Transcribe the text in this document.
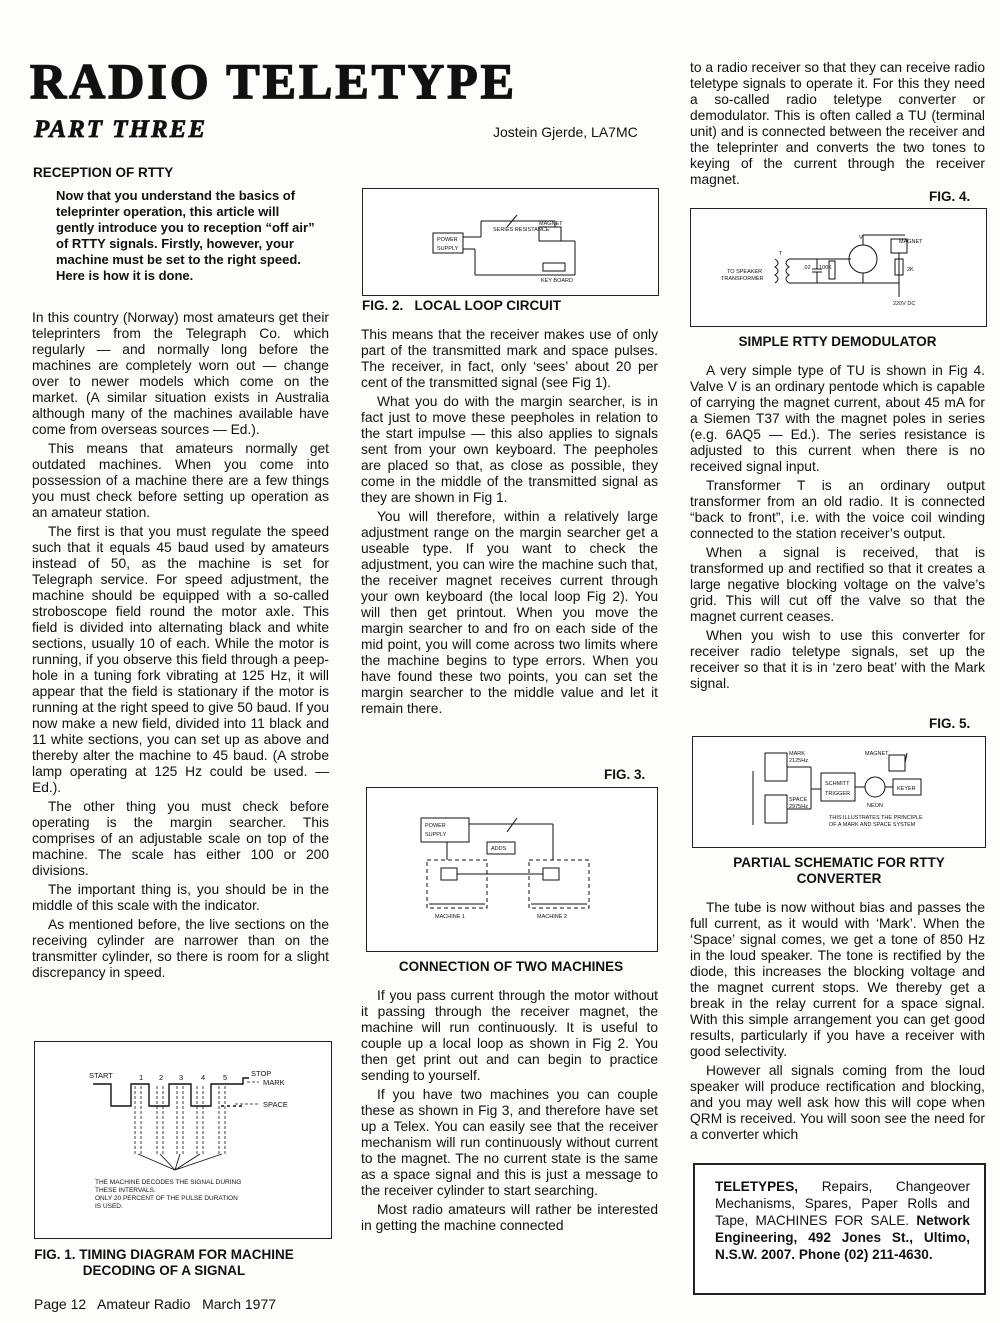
RADIO TELETYPE
PART THREE	Jostein Gjerde, LA7MC
RECEPTION OF RTTY

Now that you understand the basics of teleprinter operation, this article will gently introduce you to reception “off air” of RTTY signals. Firstly, however, your machine must be set to the right speed. Here is how it is done.

In this country (Norway) most amateurs get their teleprinters from the Telegraph Co. which regularly — and normally long before the machines are completely worn out — change over to newer models which come on the market. (A similar situation exists in Australia although many of the machines available have come from overseas sources — Ed.).

This means that amateurs normally get outdated machines. When you come into possession of a machine there are a few things you must check before setting up operation as an amateur station.

The first is that you must regulate the speed such that it equals 45 baud used by amateurs instead of 50, as the machine is set for Telegraph service. For speed adjustment, the machine should be equipped with a so-called stroboscope field round the motor axle. This field is divided into alternating black and white sections, usually 10 of each. While the motor is running, if you observe this field through a peep-hole in a tuning fork vibrating at 125 Hz, it will appear that the field is stationary if the motor is running at the right speed to give 50 baud. If you now make a new field, divided into 11 black and 11 white sections, you can set up as above and thereby alter the machine to 45 baud. (A strobe lamp operating at 125 Hz could be used. — Ed.).

The other thing you must check before operating is the margin searcher. This comprises of an adjustable scale on top of the machine. The scale has either 100 or 200 divisions.

The important thing is, you should be in the middle of this scale with the indicator.

As mentioned before, the live sections on the receiving cylinder are narrower than on the transmitter cylinder, so there is room for a slight discrepancy in speed.

START	STOP
MARK
SPACE
1 2 3 4 5
THE MACHINE DECODES THE SIGNAL DURING
THESE INTERVALS.
ONLY 20 PERCENT OF THE PULSE DURATION
IS USED.

FIG. 1. TIMING DIAGRAM FOR MACHINE DECODING OF A SIGNAL

SERIES RESISTANCE
MAGNET
POWER
SUPPLY
KEY BOARD

FIG. 2.   LOCAL LOOP CIRCUIT

This means that the receiver makes use of only part of the transmitted mark and space pulses. The receiver, in fact, only ‘sees’ about 20 per cent of the transmitted signal (see Fig 1).

What you do with the margin searcher, is in fact just to move these peepholes in relation to the start impulse — this also applies to signals sent from your own keyboard. The peepholes are placed so that, as close as possible, they come in the middle of the transmitted signal as they are shown in Fig 1.

You will therefore, within a relatively large adjustment range on the margin searcher get a useable type. If you want to check the adjustment, you can wire the machine such that, the receiver magnet receives current through your own keyboard (the local loop Fig 2). You will then get printout. When you move the margin searcher to and fro on each side of the mid point, you will come across two limits where the machine begins to type errors. When you have found these two points, you can set the margin searcher to the middle value and let it remain there.

FIG. 3.
POWER
SUPPLY
ADDS
MACHINE 1	MACHINE 2

CONNECTION OF TWO MACHINES

If you pass current through the motor without it passing through the receiver magnet, the machine will run continuously. It is useful to couple up a local loop as shown in Fig 2. You then get print out and can begin to practice sending to yourself.

If you have two machines you can couple these as shown in Fig 3, and therefore have set up a Telex. You can easily see that the receiver mechanism will run continuously without current to the magnet. The no current state is the same as a space signal and this is just a message to the receiver cylinder to start searching.

Most radio amateurs will rather be interested in getting the machine connected

to a radio receiver so that they can receive radio teletype signals to operate it. For this they need a so-called radio teletype converter or demodulator. This is often called a TU (terminal unit) and is connected between the receiver and the teleprinter and converts the two tones to keying of the current through the receiver magnet.

FIG. 4.
TO SPEAKER
TRANSFORMER
T
V
.02 100K	2K
MAGNET
220V DC

SIMPLE RTTY DEMODULATOR

A very simple type of TU is shown in Fig 4. Valve V is an ordinary pentode which is capable of carrying the magnet current, about 45 mA for a Siemen T37 with the magnet poles in series (e.g. 6AQ5 — Ed.). The series resistance is adjusted to this current when there is no received signal input.

Transformer T is an ordinary output transformer from an old radio. It is connected “back to front”, i.e. with the voice coil winding connected to the station receiver’s output.

When a signal is received, that is transformed up and rectified so that it creates a large negative blocking voltage on the valve’s grid. This will cut off the valve so that the magnet current ceases.

When you wish to use this converter for receiver radio teletype signals, set up the receiver so that it is in ‘zero beat’ with the Mark signal.

FIG. 5.
MARK
2125Hz
SPACE
2975Hz
SCHMITT
TRIGGER
NEON
KEYER
MAGNET
THIS ILLUSTRATES THE PRINCIPLE
OF A MARK AND SPACE SYSTEM

PARTIAL SCHEMATIC FOR RTTY CONVERTER

The tube is now without bias and passes the full current, as it would with ‘Mark’. When the ‘Space’ signal comes, we get a tone of 850 Hz in the loud speaker. The tone is rectified by the diode, this increases the blocking voltage and the magnet current stops. We thereby get a break in the relay current for a space signal. With this simple arrangement you can get good results, particularly if you have a receiver with good selectivity.

However all signals coming from the loud speaker will produce rectification and blocking, and you may well ask how this will cope when QRM is received. You will soon see the need for a converter which

TELETYPES, Repairs, Changeover Mechanisms, Spares, Paper Rolls and Tape, MACHINES FOR SALE. Network Engineering, 492 Jones St., Ultimo, N.S.W. 2007. Phone (02) 211-4630.

Page 12   Amateur Radio   March 1977
